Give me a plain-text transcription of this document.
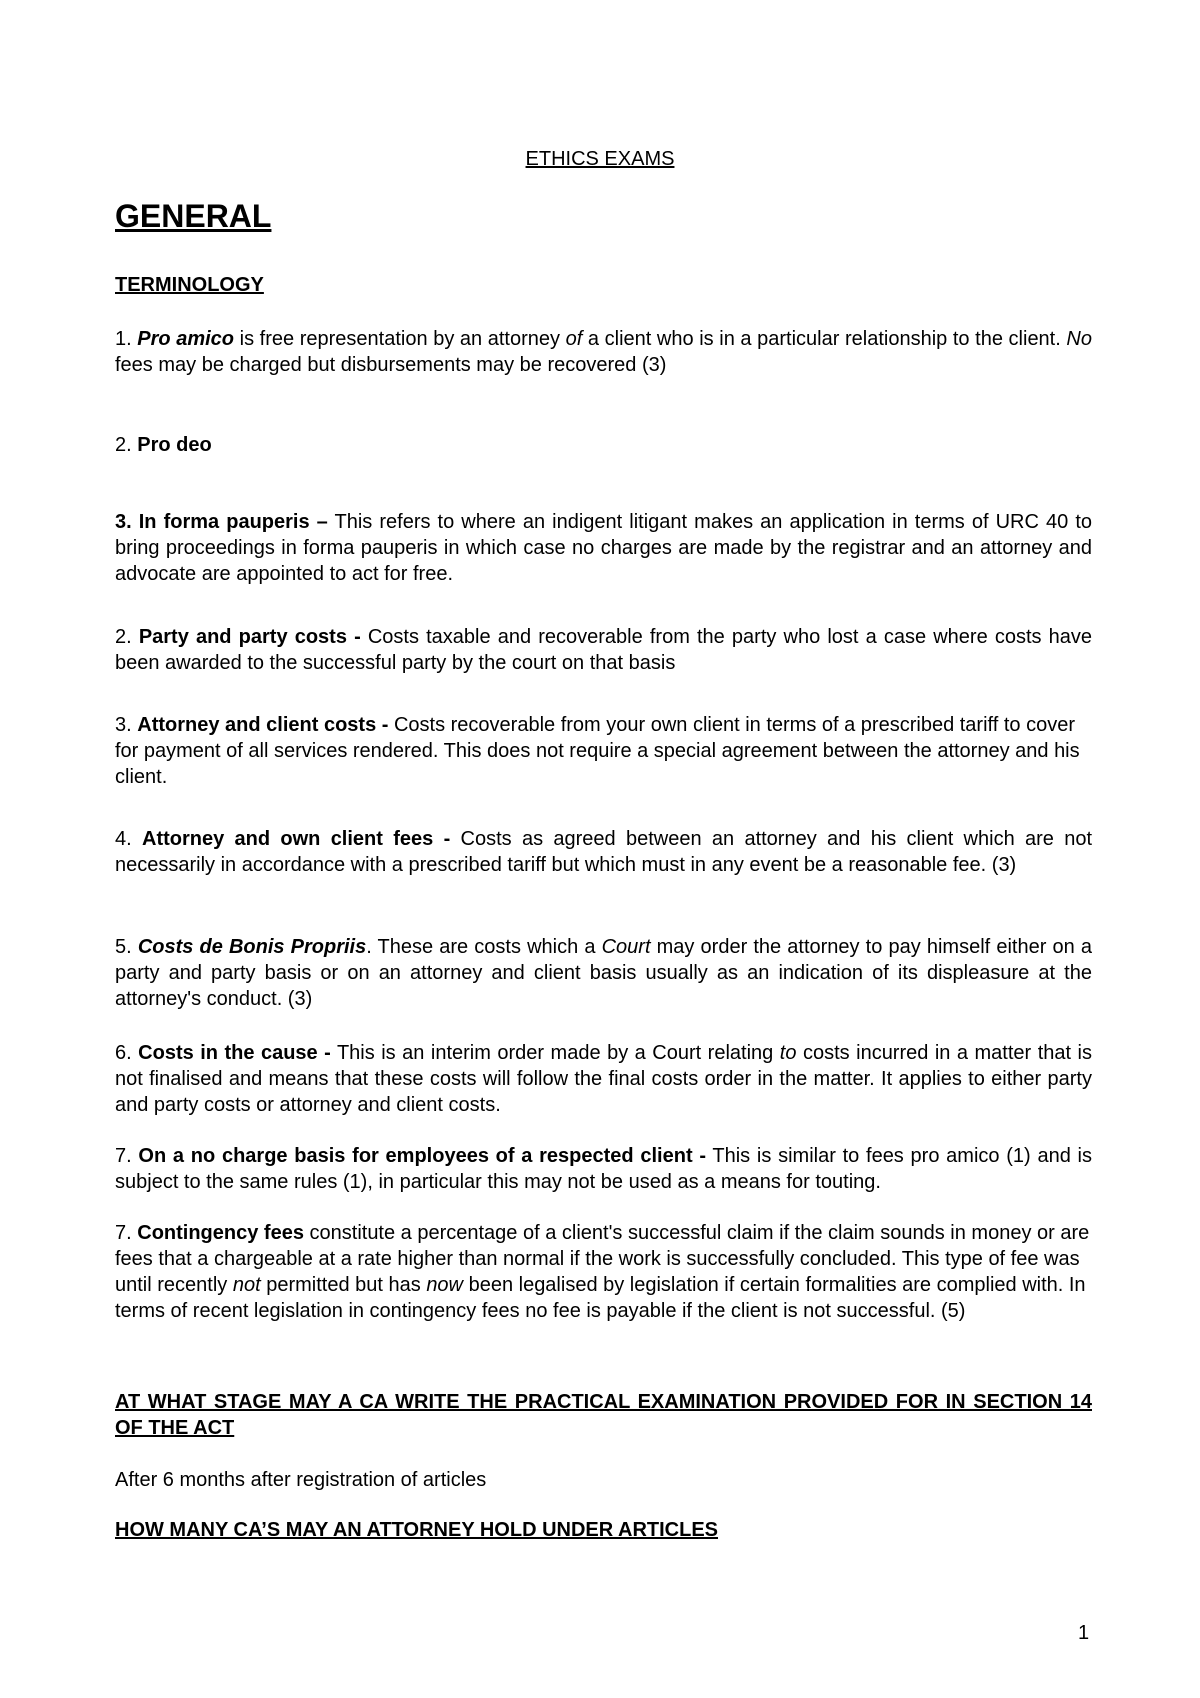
ETHICS EXAMS
GENERAL
TERMINOLOGY

1. Pro amico is free representation by an attorney of a client who is in a particular relationship to the client. No fees may be charged but disbursements may be recovered (3)

2. Pro deo

3. In forma pauperis – This refers to where an indigent litigant makes an application in terms of URC 40 to bring proceedings in forma pauperis in which case no charges are made by the registrar and an attorney and advocate are appointed to act for free.

2. Party and party costs - Costs taxable and recoverable from the party who lost a case where costs have been awarded to the successful party by the court on that basis

3. Attorney and client costs - Costs recoverable from your own client in terms of a prescribed tariff to cover for payment of all services rendered. This does not require a special agreement between the attorney and his client.

4. Attorney and own client fees - Costs as agreed between an attorney and his client which are not necessarily in accordance with a prescribed tariff but which must in any event be a reasonable fee. (3)

5. Costs de Bonis Propriis. These are costs which a Court may order the attorney to pay himself either on a party and party basis or on an attorney and client basis usually as an indication of its displeasure at the attorney's conduct. (3)

6. Costs in the cause - This is an interim order made by a Court relating to costs incurred in a matter that is not finalised and means that these costs will follow the final costs order in the matter. It applies to either party and party costs or attorney and client costs.

7. On a no charge basis for employees of a respected client - This is similar to fees pro amico (1) and is subject to the same rules (1), in particular this may not be used as a means for touting.

7. Contingency fees constitute a percentage of a client's successful claim if the claim sounds in money or are fees that a chargeable at a rate higher than normal if the work is successfully concluded. This type of fee was until recently not permitted but has now been legalised by legislation if certain formalities are complied with. In terms of recent legislation in contingency fees no fee is payable if the client is not successful. (5)

AT WHAT STAGE MAY A CA WRITE THE PRACTICAL EXAMINATION PROVIDED FOR IN SECTION 14 OF THE ACT

After 6 months after registration of articles

HOW MANY CA’S MAY AN ATTORNEY HOLD UNDER ARTICLES

1
